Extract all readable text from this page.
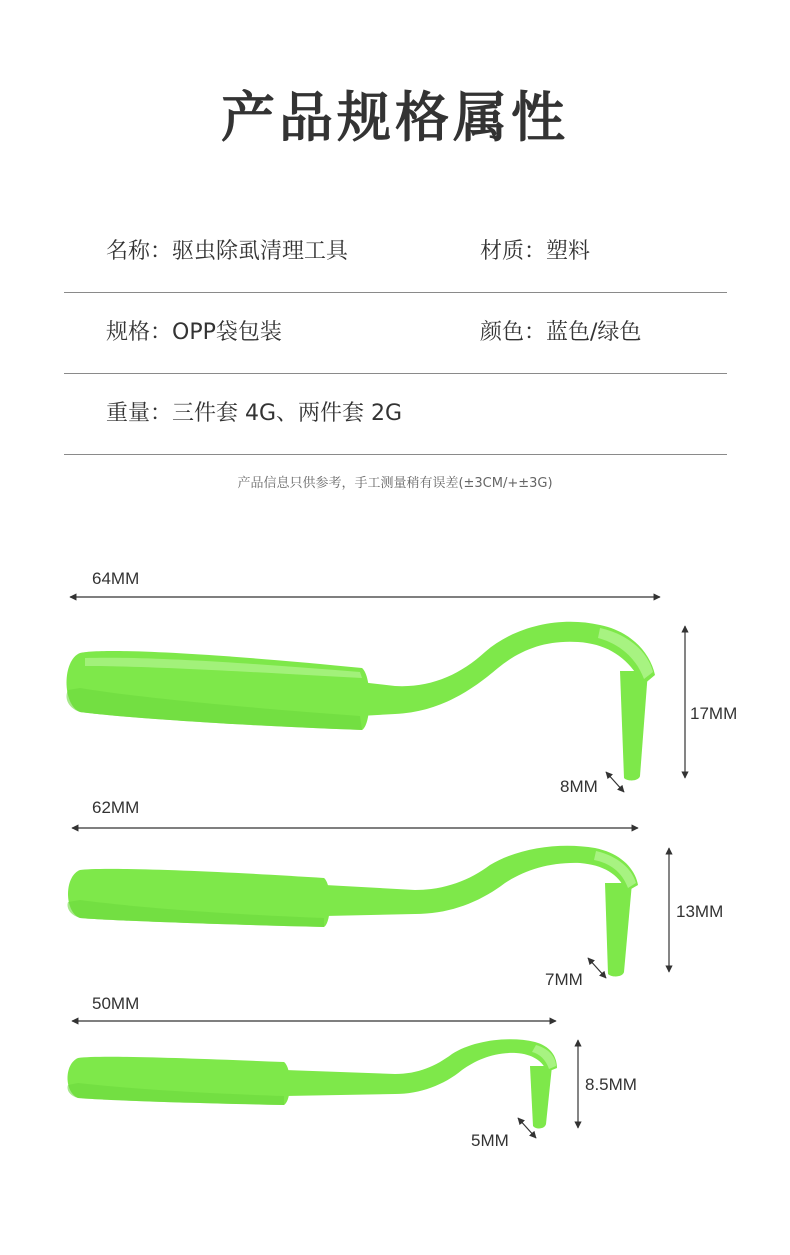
产品规格属性
名称：驱虫除虱清理工具	材质：塑料
规格：OPP袋包装	颜色：蓝色/绿色
重量：三件套 4G、两件套 2G
产品信息只供参考，手工测量稍有误差(±3CM/+±3G)
64MM
17MM
8MM
62MM
13MM
7MM
50MM
8.5MM
5MM
